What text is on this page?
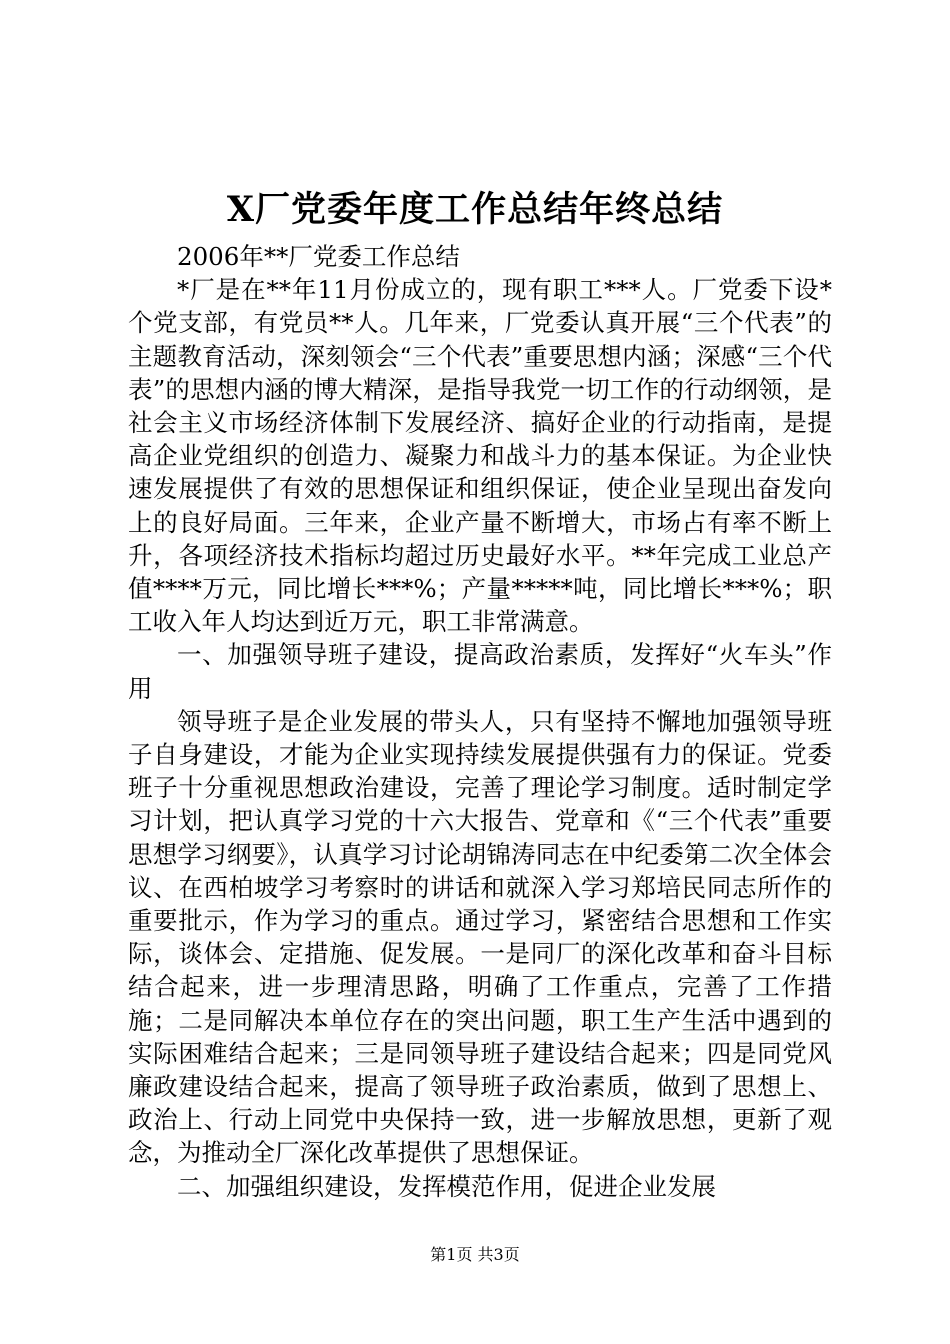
X厂党委年度工作总结年终总结

2006年**厂党委工作总结

*厂是在**年11月份成立的，现有职工***人。厂党委下设*个党支部，有党员**人。几年来，厂党委认真开展“三个代表”的主题教育活动，深刻领会“三个代表”重要思想内涵；深感“三个代表”的思想内涵的博大精深，是指导我党一切工作的行动纲领，是社会主义市场经济体制下发展经济、搞好企业的行动指南，是提高企业党组织的创造力、凝聚力和战斗力的基本保证。为企业快速发展提供了有效的思想保证和组织保证，使企业呈现出奋发向上的良好局面。三年来，企业产量不断增大，市场占有率不断上升，各项经济技术指标均超过历史最好水平。**年完成工业总产值****万元，同比增长***%；产量*****吨，同比增长***%；职工收入年人均达到近万元，职工非常满意。

一、加强领导班子建设，提高政治素质，发挥好“火车头”作用

领导班子是企业发展的带头人，只有坚持不懈地加强领导班子自身建设，才能为企业实现持续发展提供强有力的保证。党委班子十分重视思想政治建设，完善了理论学习制度。适时制定学习计划，把认真学习党的十六大报告、党章和《“三个代表”重要思想学习纲要》，认真学习讨论胡锦涛同志在中纪委第二次全体会议、在西柏坡学习考察时的讲话和就深入学习郑培民同志所作的重要批示，作为学习的重点。通过学习，紧密结合思想和工作实际，谈体会、定措施、促发展。一是同厂的深化改革和奋斗目标结合起来，进一步理清思路，明确了工作重点，完善了工作措施；二是同解决本单位存在的突出问题，职工生产生活中遇到的实际困难结合起来；三是同领导班子建设结合起来；四是同党风廉政建设结合起来，提高了领导班子政治素质，做到了思想上、政治上、行动上同党中央保持一致，进一步解放思想，更新了观念，为推动全厂深化改革提供了思想保证。

二、加强组织建设，发挥模范作用，促进企业发展

第1页 共3页
